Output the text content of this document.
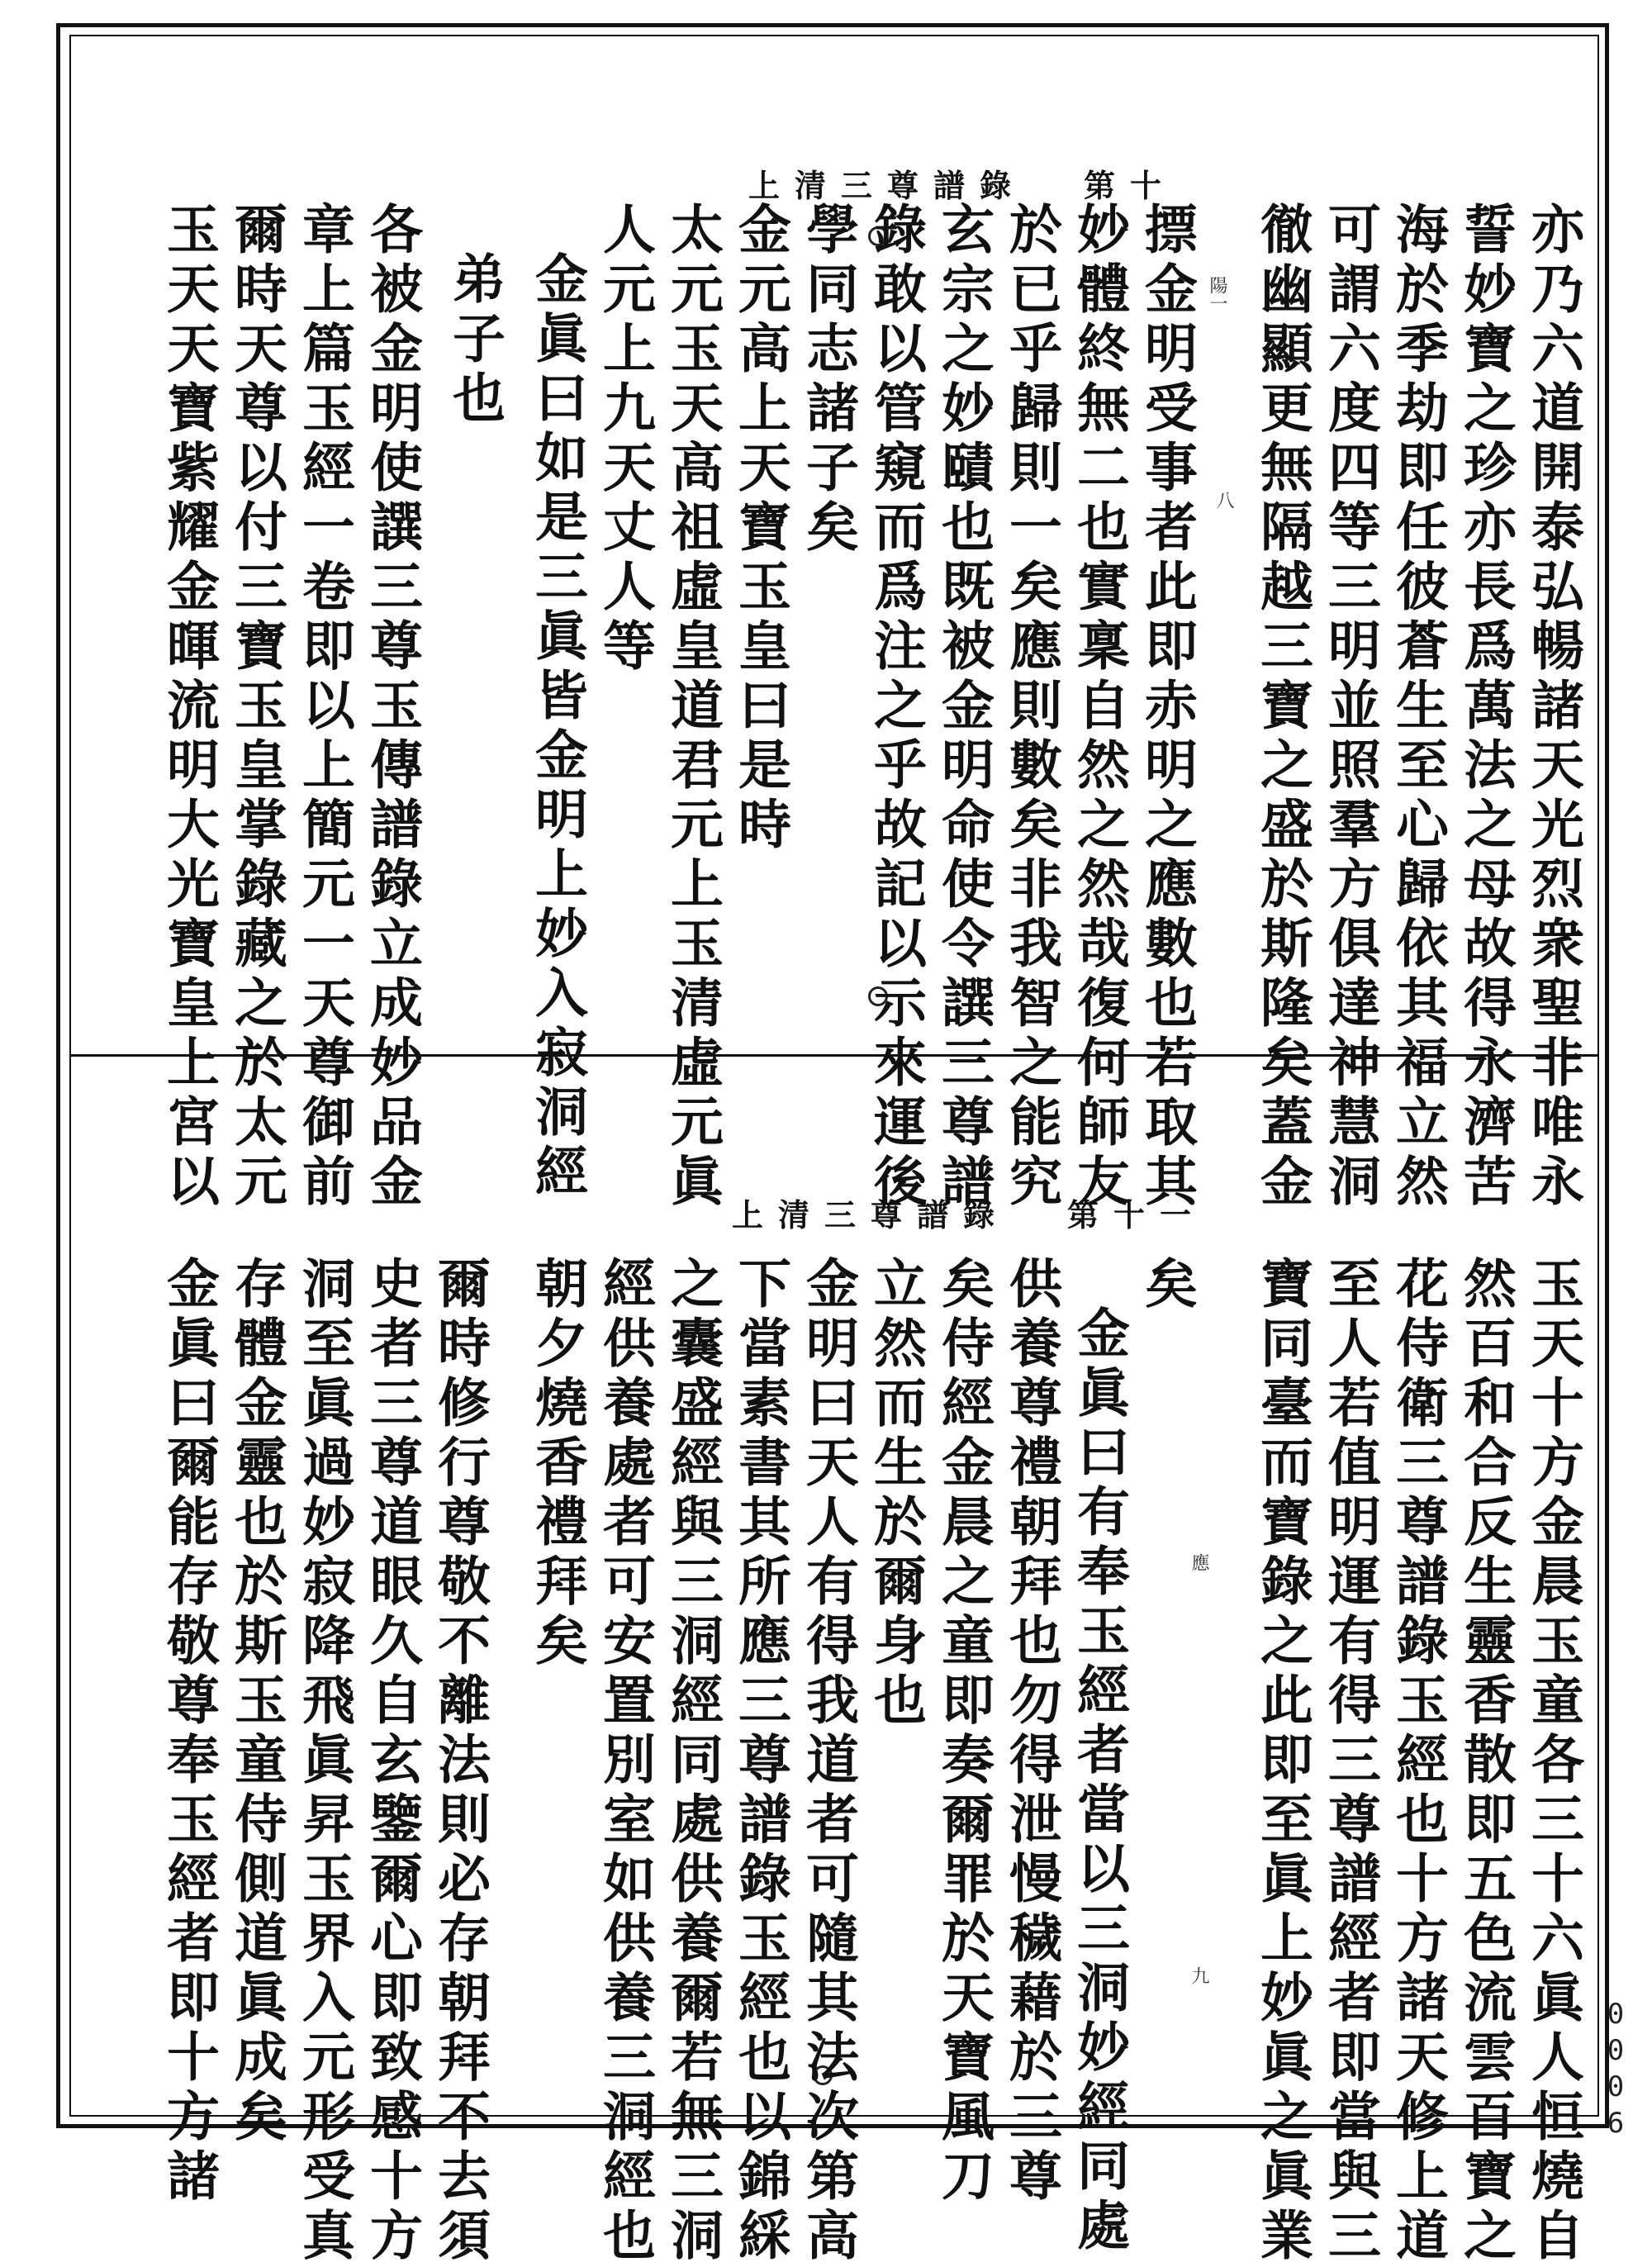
上清三尊譜錄 第十
八
陽一	亦乃六道開泰弘暢諸天光烈衆聖非唯永
誓妙寶之珍亦長爲萬法之母故得永濟苦
海於季劫即任彼蒼生至心歸依其福立然
可謂六度四等三明並照羣方俱達神慧洞
徹幽顯更無隔越三寶之盛於斯隆矣蓋金
摽金明受事者此即赤明之應數也若取其
妙體終無二也實稟自然之然哉復何師友
於已乎歸則一矣應則數矣非我智之能究
玄宗之妙賾也既被金明命使令譔三尊譜
錄敢以管窺而爲注之乎故記以示來運後
學同志諸子矣
金元高上天寶玉皇曰是時
太元玉天高祖虛皇道君元上玉清虛元眞
人元上九天丈人等
金眞曰如是三眞皆金明上妙入寂洞經
弟子也
各被金明使譔三尊玉傳譜錄立成妙品金
章上篇玉經一卷即以上簡元一天尊御前
爾時天尊以付三寶玉皇掌錄藏之於太元
玉天天寶紫耀金暉流明大光寶皇上宮以
上清三尊譜錄 第十一
應
九	玉天十方金晨玉童各三十六眞人恒燒自
然百和合反生靈香散即五色流雲百寶之
花侍衛三尊譜錄玉經也十方諸天修上道
至人若值明運有得三尊譜經者即當與三
寶同臺而寶錄之此即至眞上妙眞之眞業
矣
金眞曰有奉玉經者當以三洞妙經同處
供養尊禮朝拜也勿得泄慢穢藉於三尊
矣侍經金晨之童即奏爾罪於天寶風刀
立然而生於爾身也
金明曰天人有得我道者可隨其法次第高
下當素書其所應三尊譜錄玉經也以錦綵
之囊盛經與三洞經同處供養爾若無三洞
經供養處者可安置別室如供養三洞經也
朝夕燒香禮拜矣
爾時修行尊敬不離法則必存朝拜不去須
史者三尊道眼久自玄鑒爾心即致感十方
洞至眞過妙寂降飛眞昇玉界入元形受真
存體金靈也於斯玉童侍側道眞成矣
金眞曰爾能存敬尊奉玉經者即十方諸	0006
